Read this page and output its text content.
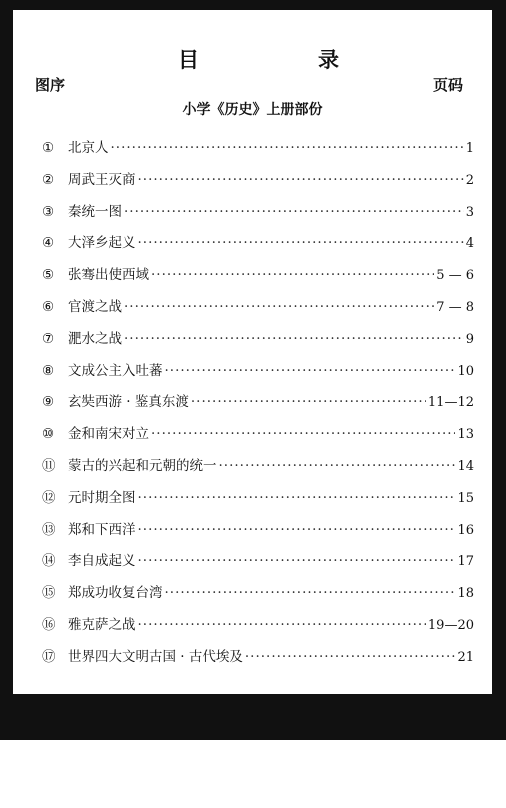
目	录
图序	页码
小学《历史》上册部份
①	北京人 ·····	1
②	周武王灭商 ·····	2
③	秦统一图 ·····	3
④	大泽乡起义 ·····	4
⑤	张骞出使西域 ·····	5 — 6
⑥	官渡之战 ·····	7 — 8
⑦	淝水之战 ·····	9
⑧	文成公主入吐蕃 ·····	10
⑨	玄奘西游 · 鉴真东渡 ·····	11—12
⑩	金和南宋对立 ·····	13
⑪ 蒙古的兴起和元朝的统一 ·····	14
⑫ 元时期全图 ·····	15
⑬ 郑和下西洋 ·····	16
⑭ 李自成起义 ·····	17
⑮ 郑成功收复台湾 ·····	18
⑯ 雅克萨之战 ·····	19—20
⑰ 世界四大文明古国 · 古代埃及 ·····	21
